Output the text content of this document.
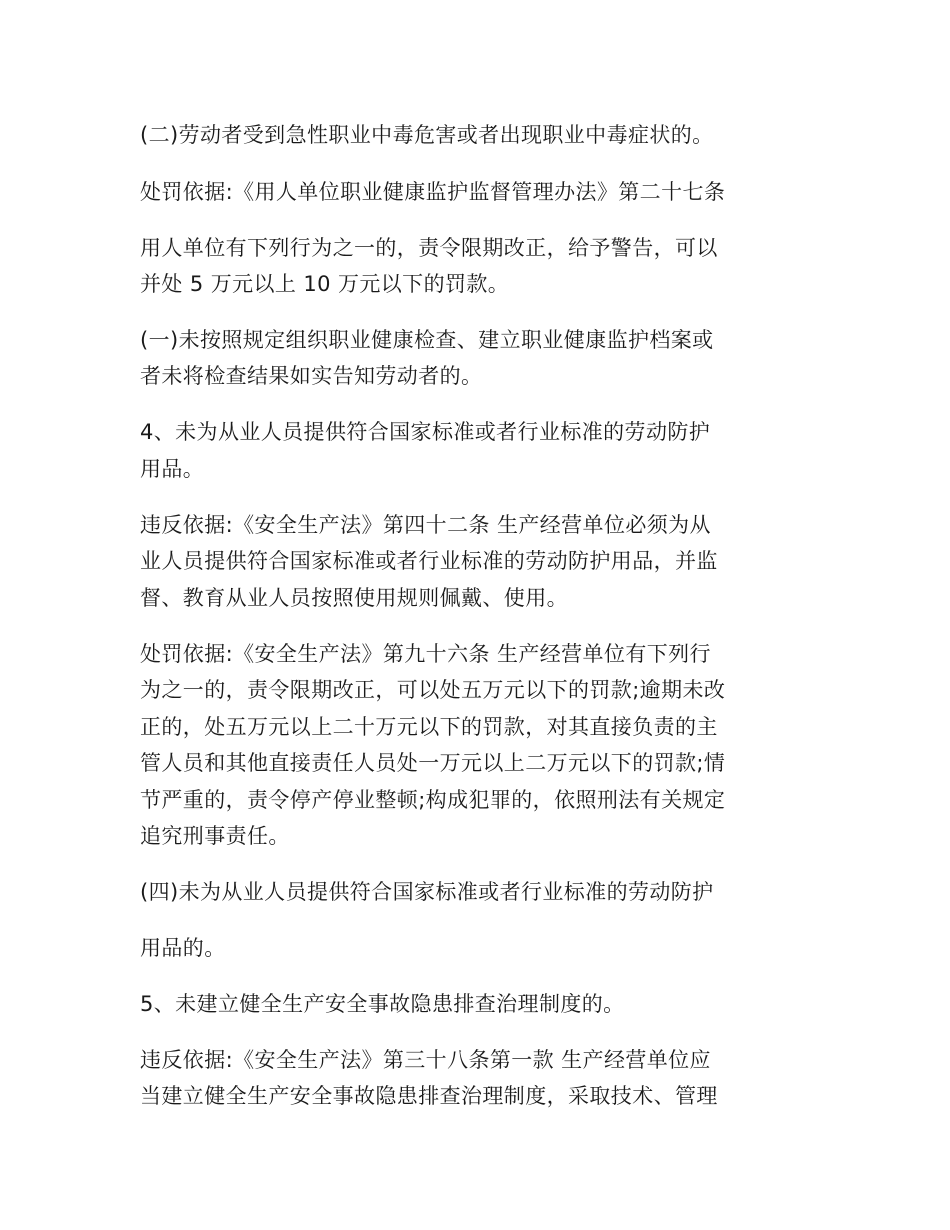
(二)劳动者受到急性职业中毒危害或者出现职业中毒症状的。
处罚依据:《用人单位职业健康监护监督管理办法》第二十七条
用人单位有下列行为之一的，责令限期改正，给予警告，可以
并处 5 万元以上 10 万元以下的罚款。
(一)未按照规定组织职业健康检查、建立职业健康监护档案或
者未将检查结果如实告知劳动者的。
4、未为从业人员提供符合国家标准或者行业标准的劳动防护
用品。
违反依据:《安全生产法》第四十二条 生产经营单位必须为从
业人员提供符合国家标准或者行业标准的劳动防护用品，并监
督、教育从业人员按照使用规则佩戴、使用。
处罚依据:《安全生产法》第九十六条 生产经营单位有下列行
为之一的，责令限期改正，可以处五万元以下的罚款;逾期未改
正的，处五万元以上二十万元以下的罚款，对其直接负责的主
管人员和其他直接责任人员处一万元以上二万元以下的罚款;情
节严重的，责令停产停业整顿;构成犯罪的，依照刑法有关规定
追究刑事责任。
(四)未为从业人员提供符合国家标准或者行业标准的劳动防护
用品的。
5、未建立健全生产安全事故隐患排查治理制度的。
违反依据:《安全生产法》第三十八条第一款 生产经营单位应
当建立健全生产安全事故隐患排查治理制度，采取技术、管理
